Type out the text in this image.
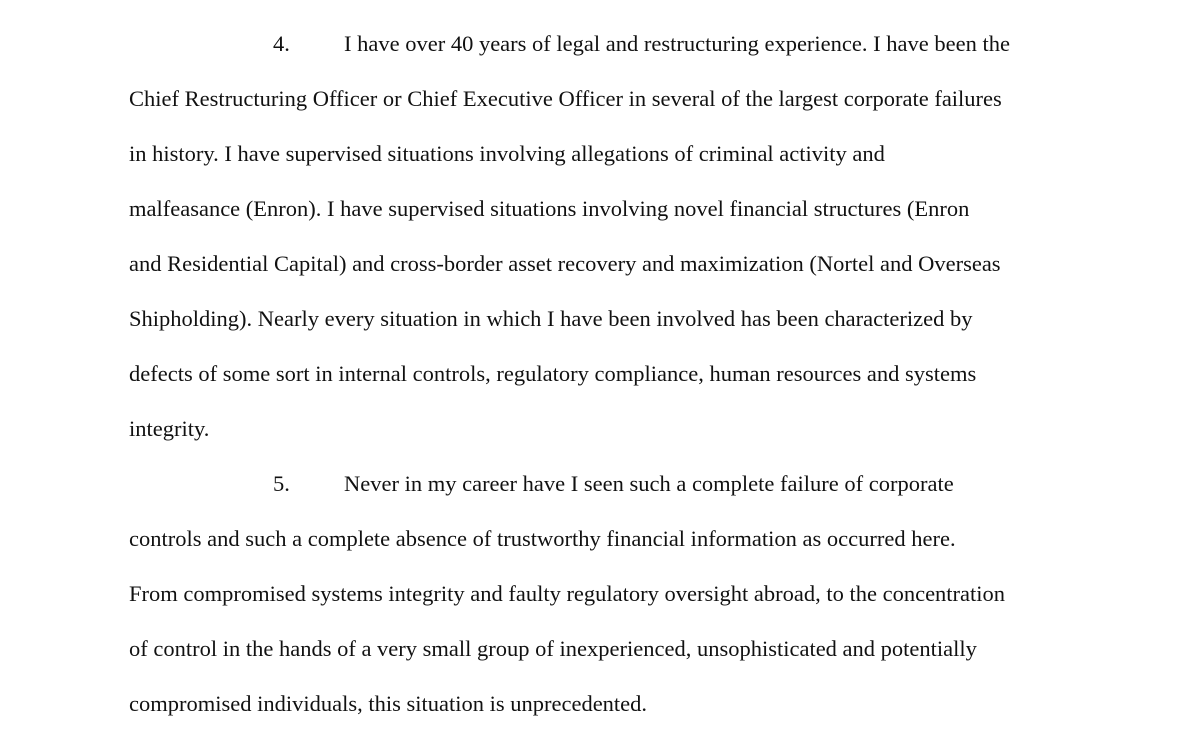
4. I have over 40 years of legal and restructuring experience. I have been the
Chief Restructuring Officer or Chief Executive Officer in several of the largest corporate failures
in history. I have supervised situations involving allegations of criminal activity and
malfeasance (Enron). I have supervised situations involving novel financial structures (Enron
and Residential Capital) and cross-border asset recovery and maximization (Nortel and Overseas
Shipholding). Nearly every situation in which I have been involved has been characterized by
defects of some sort in internal controls, regulatory compliance, human resources and systems
integrity.
5. Never in my career have I seen such a complete failure of corporate
controls and such a complete absence of trustworthy financial information as occurred here.
From compromised systems integrity and faulty regulatory oversight abroad, to the concentration
of control in the hands of a very small group of inexperienced, unsophisticated and potentially
compromised individuals, this situation is unprecedented.
